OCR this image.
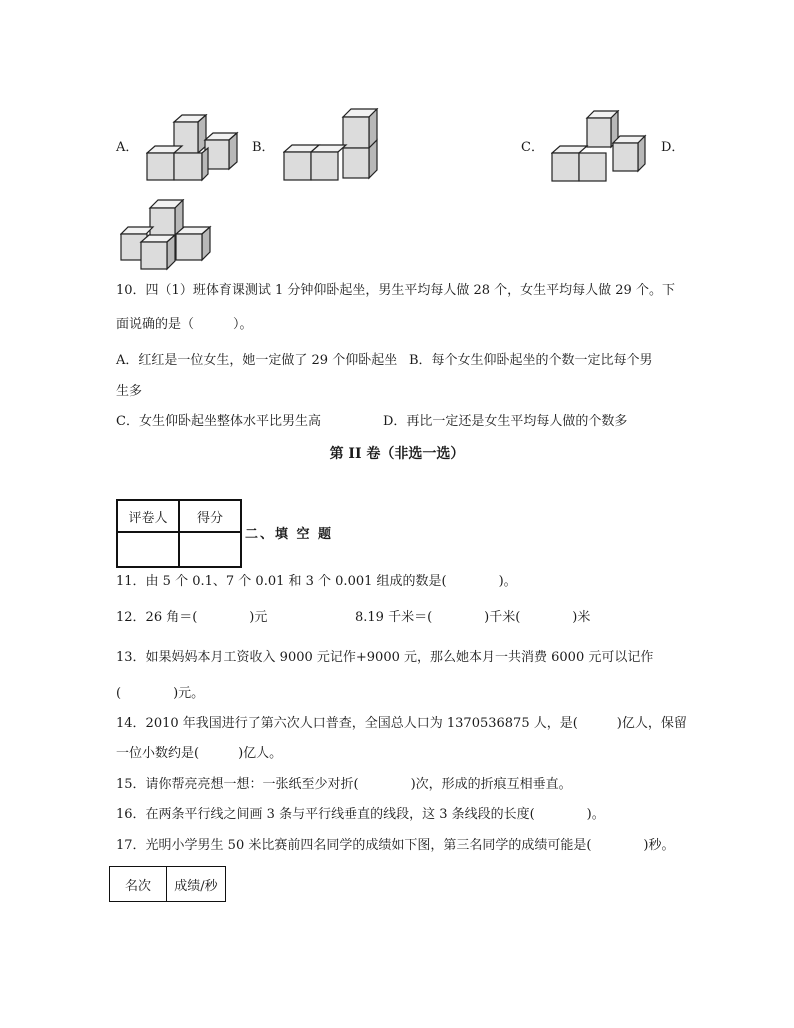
A．	B．	C．	D．
10．四（1）班体育课测试 1 分钟仰卧起坐，男生平均每人做 28 个，女生平均每人做 29 个。下
面说确的是（　　　）。
A．红红是一位女生，她一定做了 29 个仰卧起坐 B．每个女生仰卧起坐的个数一定比每个男
生多
C．女生仰卧起坐整体水平比男生高	D．再比一定还是女生平均每人做的个数多
第 II 卷（非选一选）
评卷人	得分

二、填 空 题
11．由 5 个 0.1、7 个 0.01 和 3 个 0.001 组成的数是(　　　　)。
12．26 角＝(　　　　)元	8.19 千米＝(　　　　)千米(　　　　)米
13．如果妈妈本月工资收入 9000 元记作+9000 元，那么她本月一共消费 6000 元可以记作
(　　　　)元。
14．2010 年我国进行了第六次人口普查，全国总人口为 1370536875 人，是(　　　)亿人，保留
一位小数约是(　　　)亿人。
15．请你帮亮亮想一想：一张纸至少对折(　　　　)次，形成的折痕互相垂直。
16．在两条平行线之间画 3 条与平行线垂直的线段，这 3 条线段的长度(　　　　)。
17．光明小学男生 50 米比赛前四名同学的成绩如下图，第三名同学的成绩可能是(　　　　)秒。
名次	成绩/秒
